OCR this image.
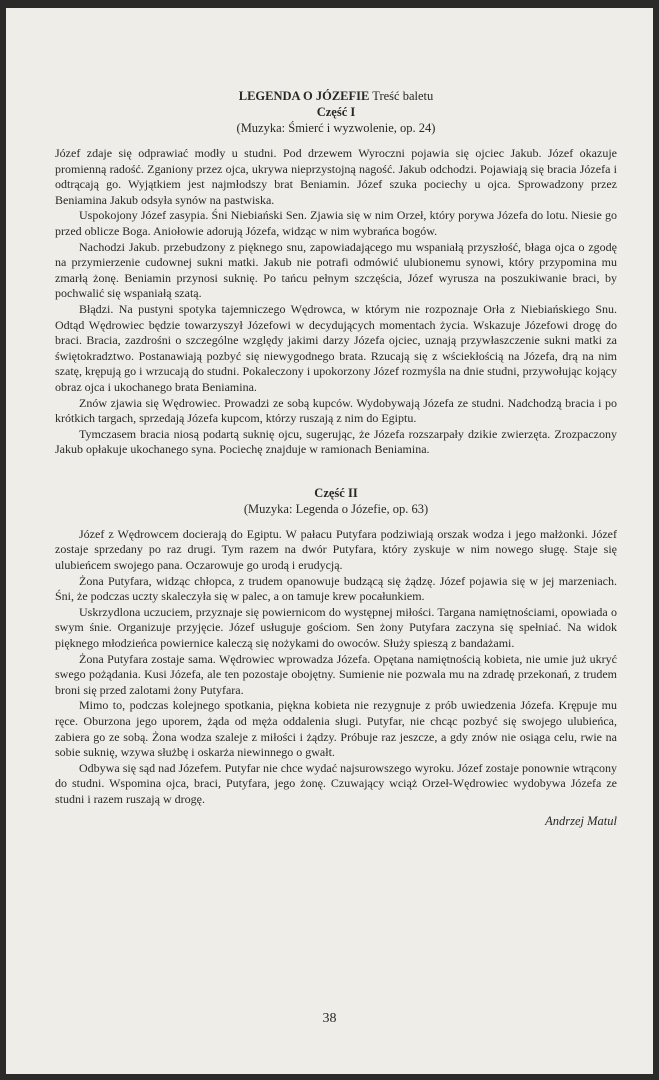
LEGENDA O JÓZEFIE Treść baletu
Część I
(Muzyka: Śmierć i wyzwolenie, op. 24)

Józef zdaje się odprawiać modły u studni. Pod drzewem Wyroczni pojawia się ojciec Jakub. Józef okazuje promienną radość. Zganiony przez ojca, ukrywa nieprzystojną nagość. Jakub odchodzi. Pojawiają się bracia Józefa i odtrącają go. Wyjątkiem jest najmłodszy brat Beniamin. Józef szuka pociechy u ojca. Sprowadzony przez Beniamina Jakub odsyła synów na pastwiska.

Uspokojony Józef zasypia. Śni Niebiański Sen. Zjawia się w nim Orzeł, który porywa Józefa do lotu. Niesie go przed oblicze Boga. Aniołowie adorują Józefa, widząc w nim wybrańca bogów.

Nachodzi Jakub. przebudzony z pięknego snu, zapowiadającego mu wspaniałą przyszłość, błaga ojca o zgodę na przymierzenie cudownej sukni matki. Jakub nie potrafi odmówić ulubionemu synowi, który przypomina mu zmarłą żonę. Beniamin przynosi suknię. Po tańcu pełnym szczęścia, Józef wyrusza na poszukiwanie braci, by pochwalić się wspaniałą szatą.

Błądzi. Na pustyni spotyka tajemniczego Wędrowca, w którym nie rozpoznaje Orła z Niebiańskiego Snu. Odtąd Wędrowiec będzie towarzyszył Józefowi w decydujących momentach życia. Wskazuje Józefowi drogę do braci. Bracia, zazdrośni o szczególne względy jakimi darzy Józefa ojciec, uznają przywłaszczenie sukni matki za świętokradztwo. Postanawiają pozbyć się niewygodnego brata. Rzucają się z wściekłością na Józefa, drą na nim szatę, krępują go i wrzucają do studni. Pokaleczony i upokorzony Józef rozmyśla na dnie studni, przywołując kojący obraz ojca i ukochanego brata Beniamina.

Znów zjawia się Wędrowiec. Prowadzi ze sobą kupców. Wydobywają Józefa ze studni. Nadchodzą bracia i po krótkich targach, sprzedają Józefa kupcom, którzy ruszają z nim do Egiptu.

Tymczasem bracia niosą podartą suknię ojcu, sugerując, że Józefa rozszarpały dzikie zwierzęta. Zrozpaczony Jakub opłakuje ukochanego syna. Pociechę znajduje w ramionach Beniamina.

Część II
(Muzyka: Legenda o Józefie, op. 63)

Józef z Wędrowcem docierają do Egiptu. W pałacu Putyfara podziwiają orszak wodza i jego małżonki. Józef zostaje sprzedany po raz drugi. Tym razem na dwór Putyfara, który zyskuje w nim nowego sługę. Staje się ulubieńcem swojego pana. Oczarowuje go urodą i erudycją.

Żona Putyfara, widząc chłopca, z trudem opanowuje budzącą się żądzę. Józef pojawia się w jej marzeniach. Śni, że podczas uczty skaleczyła się w palec, a on tamuje krew pocałunkiem.

Uskrzydlona uczuciem, przyznaje się powiernicom do występnej miłości. Targana namiętnościami, opowiada o swym śnie. Organizuje przyjęcie. Józef usługuje gościom. Sen żony Putyfara zaczyna się spełniać. Na widok pięknego młodzieńca powiernice kaleczą się nożykami do owoców. Służy spieszą z bandażami.

Żona Putyfara zostaje sama. Wędrowiec wprowadza Józefa. Opętana namiętnością kobieta, nie umie już ukryć swego pożądania. Kusi Józefa, ale ten pozostaje obojętny. Sumienie nie pozwala mu na zdradę przekonań, z trudem broni się przed zalotami żony Putyfara.

Mimo to, podczas kolejnego spotkania, piękna kobieta nie rezygnuje z prób uwiedzenia Józefa. Krępuje mu ręce. Oburzona jego uporem, żąda od męża oddalenia sługi. Putyfar, nie chcąc pozbyć się swojego ulubieńca, zabiera go ze sobą. Żona wodza szaleje z miłości i żądzy. Próbuje raz jeszcze, a gdy znów nie osiąga celu, rwie na sobie suknię, wzywa służbę i oskarża niewinnego o gwałt.

Odbywa się sąd nad Józefem. Putyfar nie chce wydać najsurowszego wyroku. Józef zostaje ponownie wtrącony do studni. Wspomina ojca, braci, Putyfara, jego żonę. Czuwający wciąż Orzeł-Wędrowiec wydobywa Józefa ze studni i razem ruszają w drogę.

Andrzej Matul
38
